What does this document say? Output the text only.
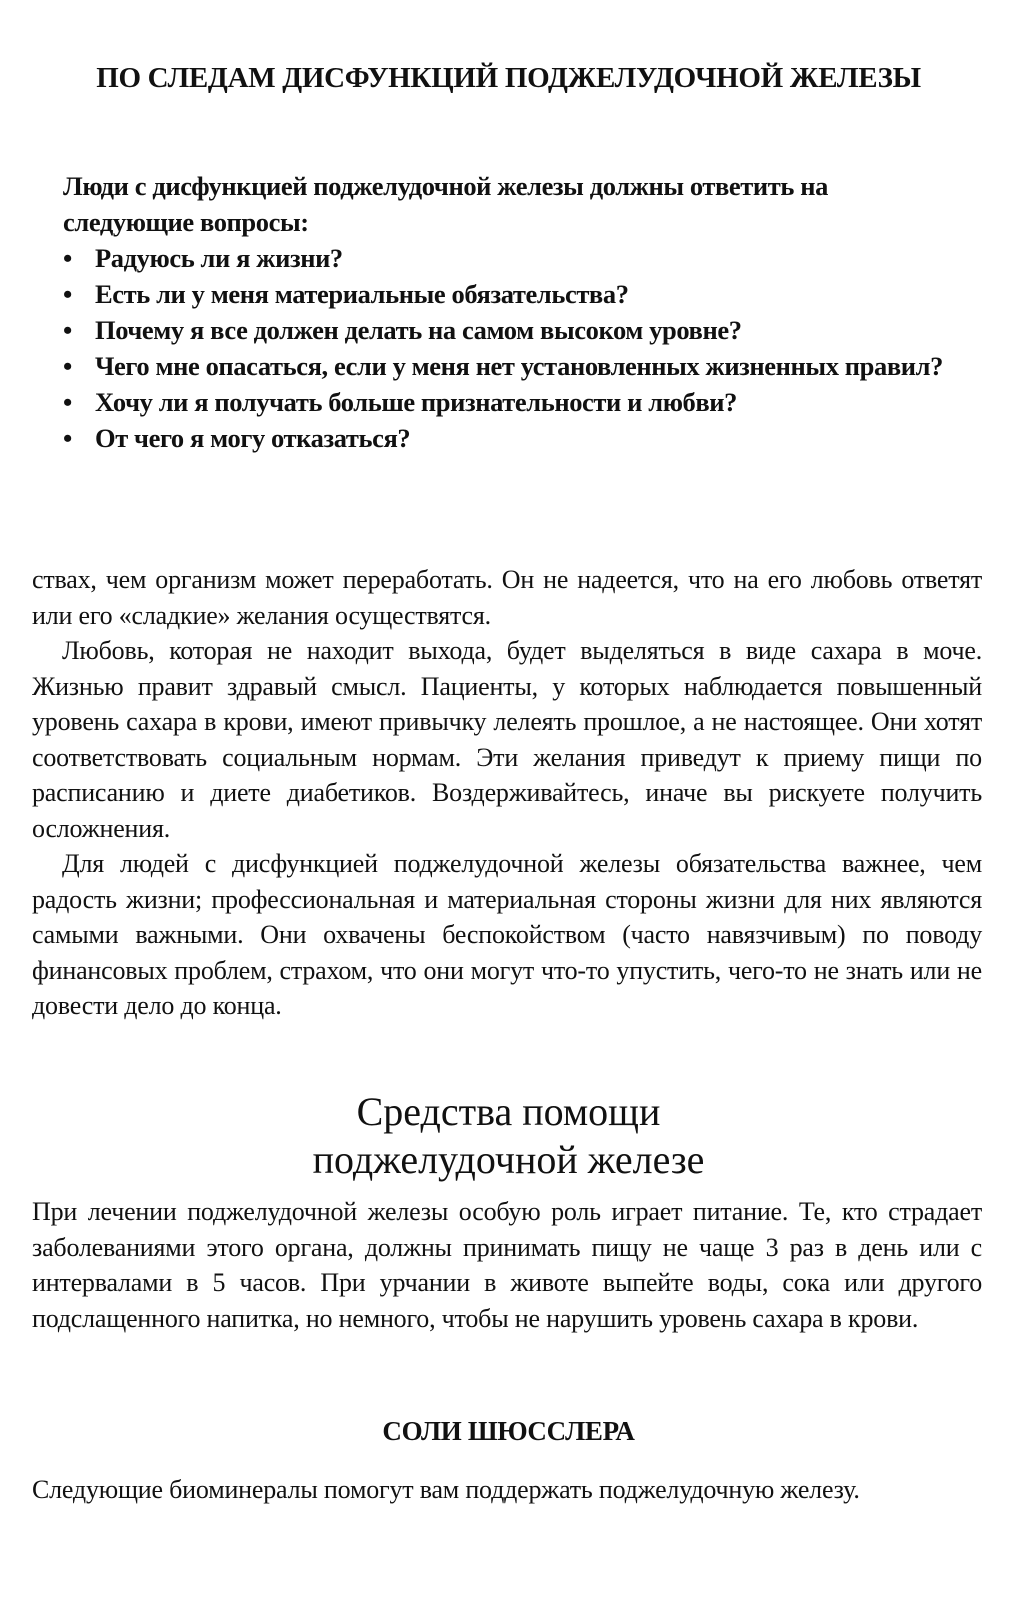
ПО СЛЕДАМ ДИСФУНКЦИЙ ПОДЖЕЛУДОЧНОЙ ЖЕЛЕЗЫ
Люди с дисфункцией поджелудочной железы должны ответить на следующие вопросы:
• Радуюсь ли я жизни?
• Есть ли у меня материальные обязательства?
• Почему я все должен делать на самом высоком уровне?
• Чего мне опасаться, если у меня нет установленных жизненных правил?
• Хочу ли я получать больше признательности и любви?
• От чего я могу отказаться?

ствах, чем организм может переработать. Он не надеется, что на его любовь ответят или его «сладкие» желания осуществятся.

Любовь, которая не находит выхода, будет выделяться в виде сахара в моче. Жизнью правит здравый смысл. Пациенты, у которых наблюдается повышенный уровень сахара в крови, имеют привычку лелеять прошлое, а не настоящее. Они хотят соответствовать социальным нормам. Эти желания приведут к приему пищи по расписанию и диете диабетиков. Воздерживайтесь, иначе вы рискуете получить осложнения.

Для людей с дисфункцией поджелудочной железы обязательства важнее, чем радость жизни; профессиональная и материальная стороны жизни для них являются самыми важными. Они охвачены беспокойством (часто навязчивым) по поводу финансовых проблем, страхом, что они могут что-то упустить, чего-то не знать или не довести дело до конца.

Средства помощи
поджелудочной железе

При лечении поджелудочной железы особую роль играет питание. Те, кто страдает заболеваниями этого органа, должны принимать пищу не чаще 3 раз в день или с интервалами в 5 часов. При урчании в животе выпейте воды, сока или другого подслащенного напитка, но немного, чтобы не нарушить уровень сахара в крови.

СОЛИ ШЮССЛЕРА

Следующие биоминералы помогут вам поддержать поджелудочную железу.
